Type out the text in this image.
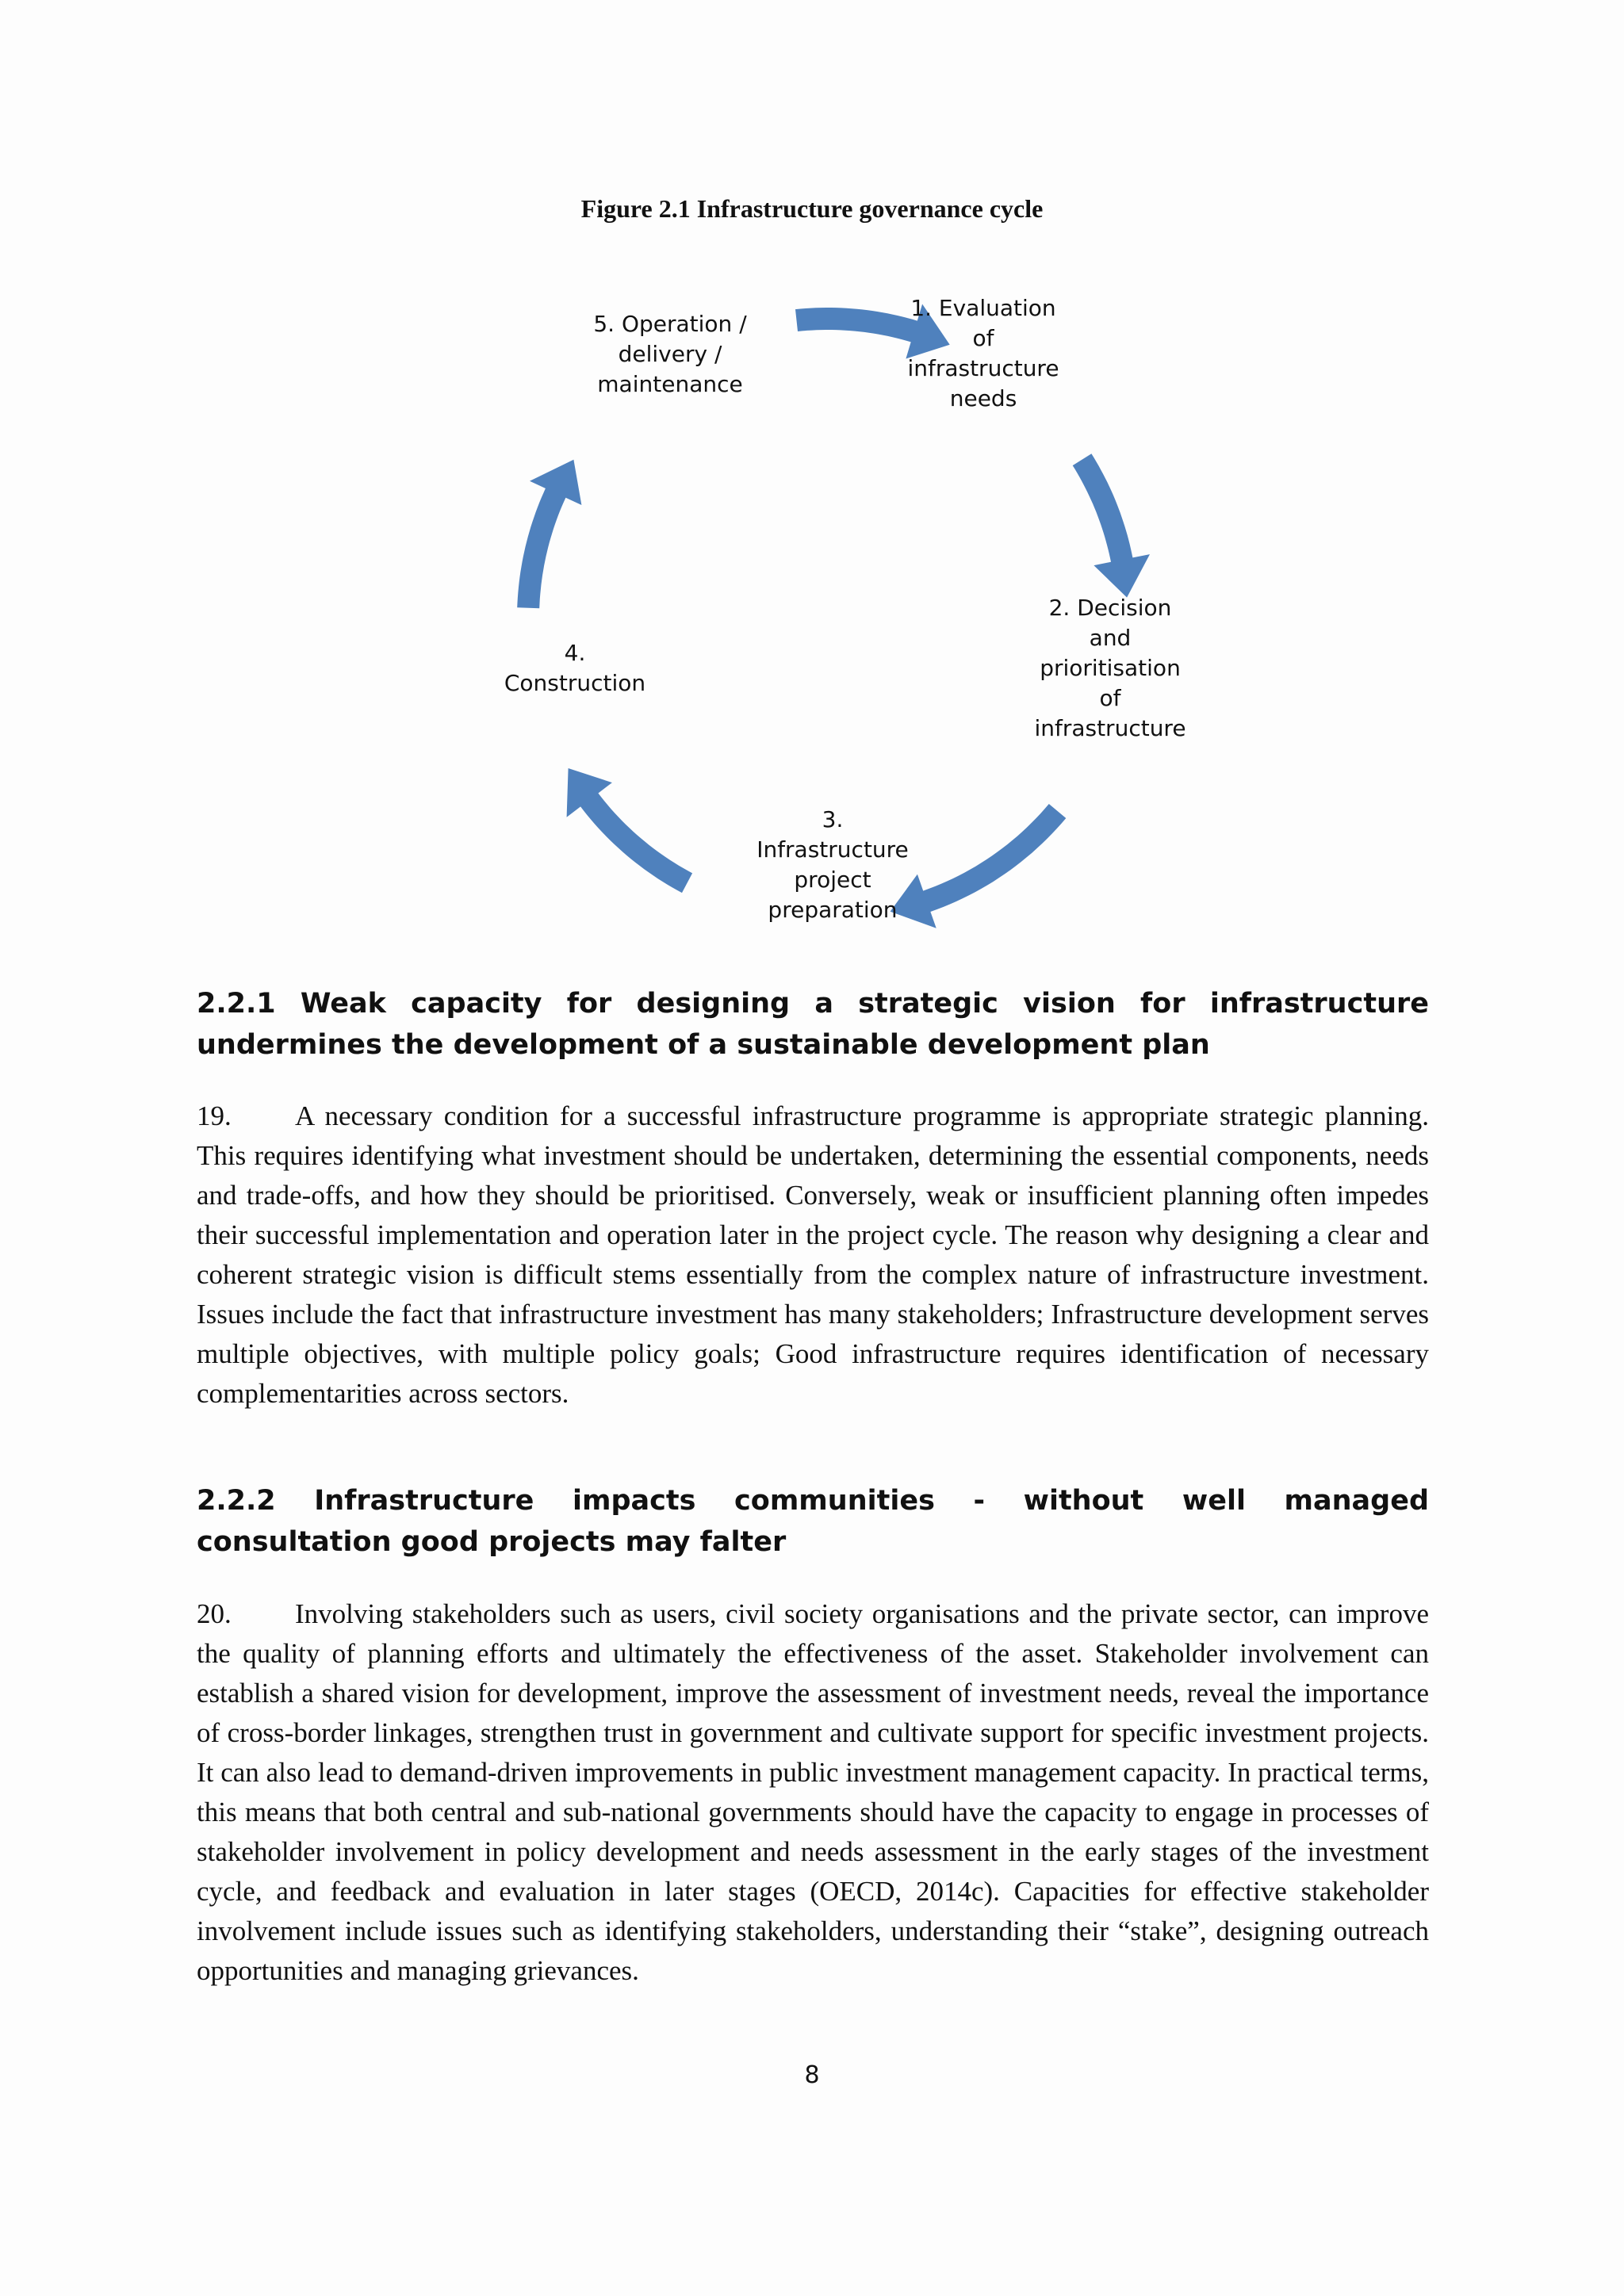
Figure 2.1 Infrastructure governance cycle
1. Evaluation
of
infrastructure
needs
2. Decision
and
prioritisation
of
infrastructure
3.
Infrastructure
project
preparation
4.
Construction
5. Operation /
delivery /
maintenance
2.2.1 Weak capacity for designing a strategic vision for infrastructure undermines the development of a sustainable development plan
19. A necessary condition for a successful infrastructure programme is appropriate strategic planning. This requires identifying what investment should be undertaken, determining the essential components, needs and trade-offs, and how they should be prioritised. Conversely, weak or insufficient planning often impedes their successful implementation and operation later in the project cycle. The reason why designing a clear and coherent strategic vision is difficult stems essentially from the complex nature of infrastructure investment. Issues include the fact that infrastructure investment has many stakeholders; Infrastructure development serves multiple objectives, with multiple policy goals; Good infrastructure requires identification of necessary complementarities across sectors.
2.2.2 Infrastructure impacts communities - without well managed consultation good projects may falter
20. Involving stakeholders such as users, civil society organisations and the private sector, can improve the quality of planning efforts and ultimately the effectiveness of the asset. Stakeholder involvement can establish a shared vision for development, improve the assessment of investment needs, reveal the importance of cross-border linkages, strengthen trust in government and cultivate support for specific investment projects. It can also lead to demand-driven improvements in public investment management capacity. In practical terms, this means that both central and sub-national governments should have the capacity to engage in processes of stakeholder involvement in policy development and needs assessment in the early stages of the investment cycle, and feedback and evaluation in later stages (OECD, 2014c). Capacities for effective stakeholder involvement include issues such as identifying stakeholders, understanding their “stake”, designing outreach opportunities and managing grievances.
8
